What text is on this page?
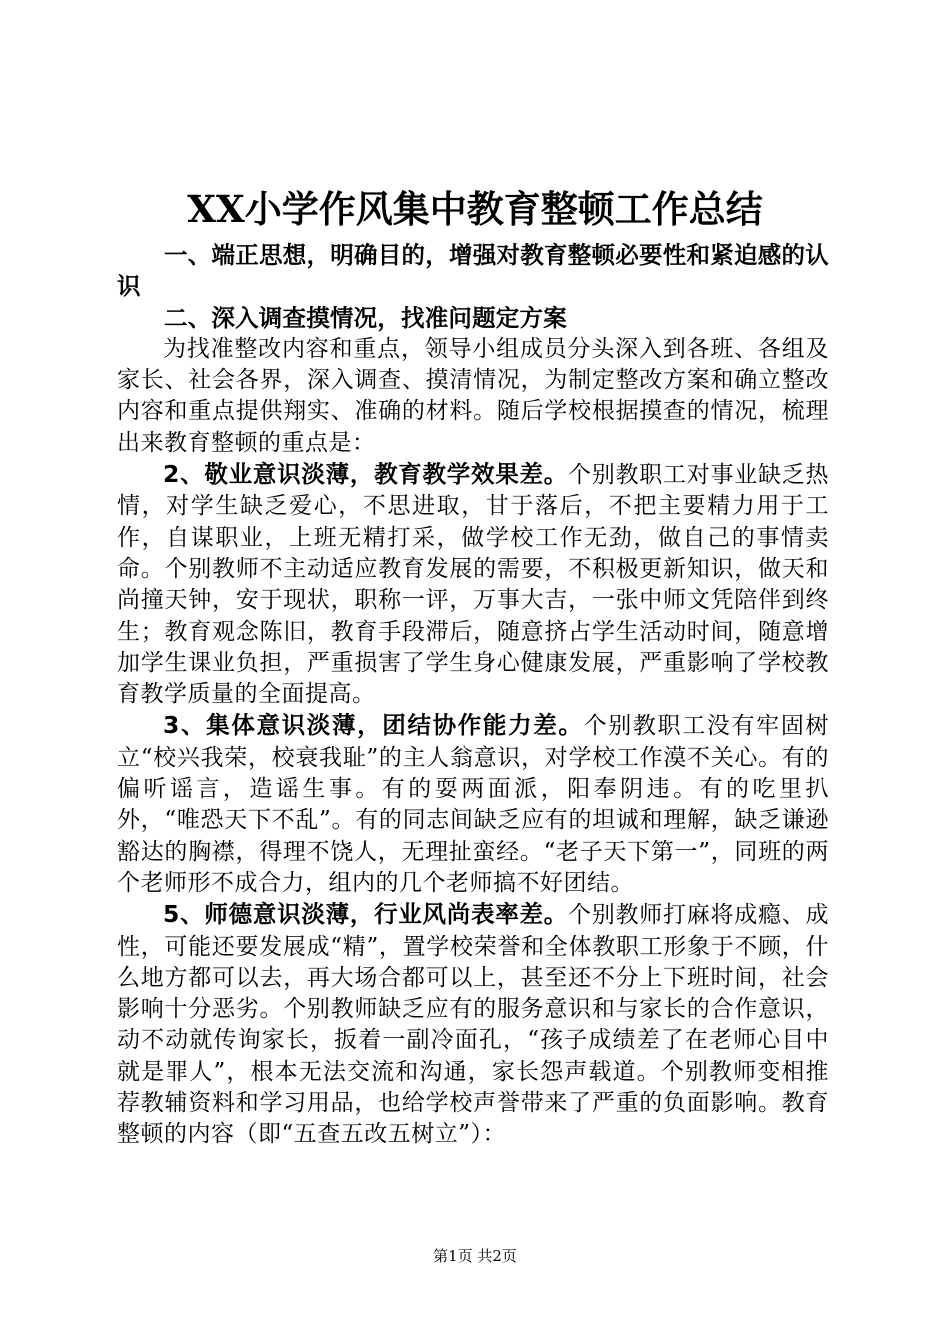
XX小学作风集中教育整顿工作总结

一、端正思想，明确目的，增强对教育整顿必要性和紧迫感的认识

二、深入调查摸情况，找准问题定方案

为找准整改内容和重点，领导小组成员分头深入到各班、各组及家长、社会各界，深入调查、摸清情况，为制定整改方案和确立整改内容和重点提供翔实、准确的材料。随后学校根据摸查的情况，梳理出来教育整顿的重点是：

2、敬业意识淡薄，教育教学效果差。个别教职工对事业缺乏热情，对学生缺乏爱心，不思进取，甘于落后，不把主要精力用于工作，自谋职业，上班无精打采，做学校工作无劲，做自己的事情卖命。个别教师不主动适应教育发展的需要，不积极更新知识，做天和尚撞天钟，安于现状，职称一评，万事大吉，一张中师文凭陪伴到终生；教育观念陈旧，教育手段滞后，随意挤占学生活动时间，随意增加学生课业负担，严重损害了学生身心健康发展，严重影响了学校教育教学质量的全面提高。

3、集体意识淡薄，团结协作能力差。个别教职工没有牢固树立“校兴我荣，校衰我耻”的主人翁意识，对学校工作漠不关心。有的偏听谣言，造谣生事。有的耍两面派，阳奉阴违。有的吃里扒外，“唯恐天下不乱”。有的同志间缺乏应有的坦诚和理解，缺乏谦逊豁达的胸襟，得理不饶人，无理扯蛮经。“老子天下第一”，同班的两个老师形不成合力，组内的几个老师搞不好团结。

5、师德意识淡薄，行业风尚表率差。个别教师打麻将成瘾、成性，可能还要发展成“精”，置学校荣誉和全体教职工形象于不顾，什么地方都可以去，再大场合都可以上，甚至还不分上下班时间，社会影响十分恶劣。个别教师缺乏应有的服务意识和与家长的合作意识，动不动就传询家长，扳着一副冷面孔，“孩子成绩差了在老师心目中就是罪人”，根本无法交流和沟通，家长怨声载道。个别教师变相推荐教辅资料和学习用品，也给学校声誉带来了严重的负面影响。教育整顿的内容（即“五查五改五树立”）：

第1页 共2页
